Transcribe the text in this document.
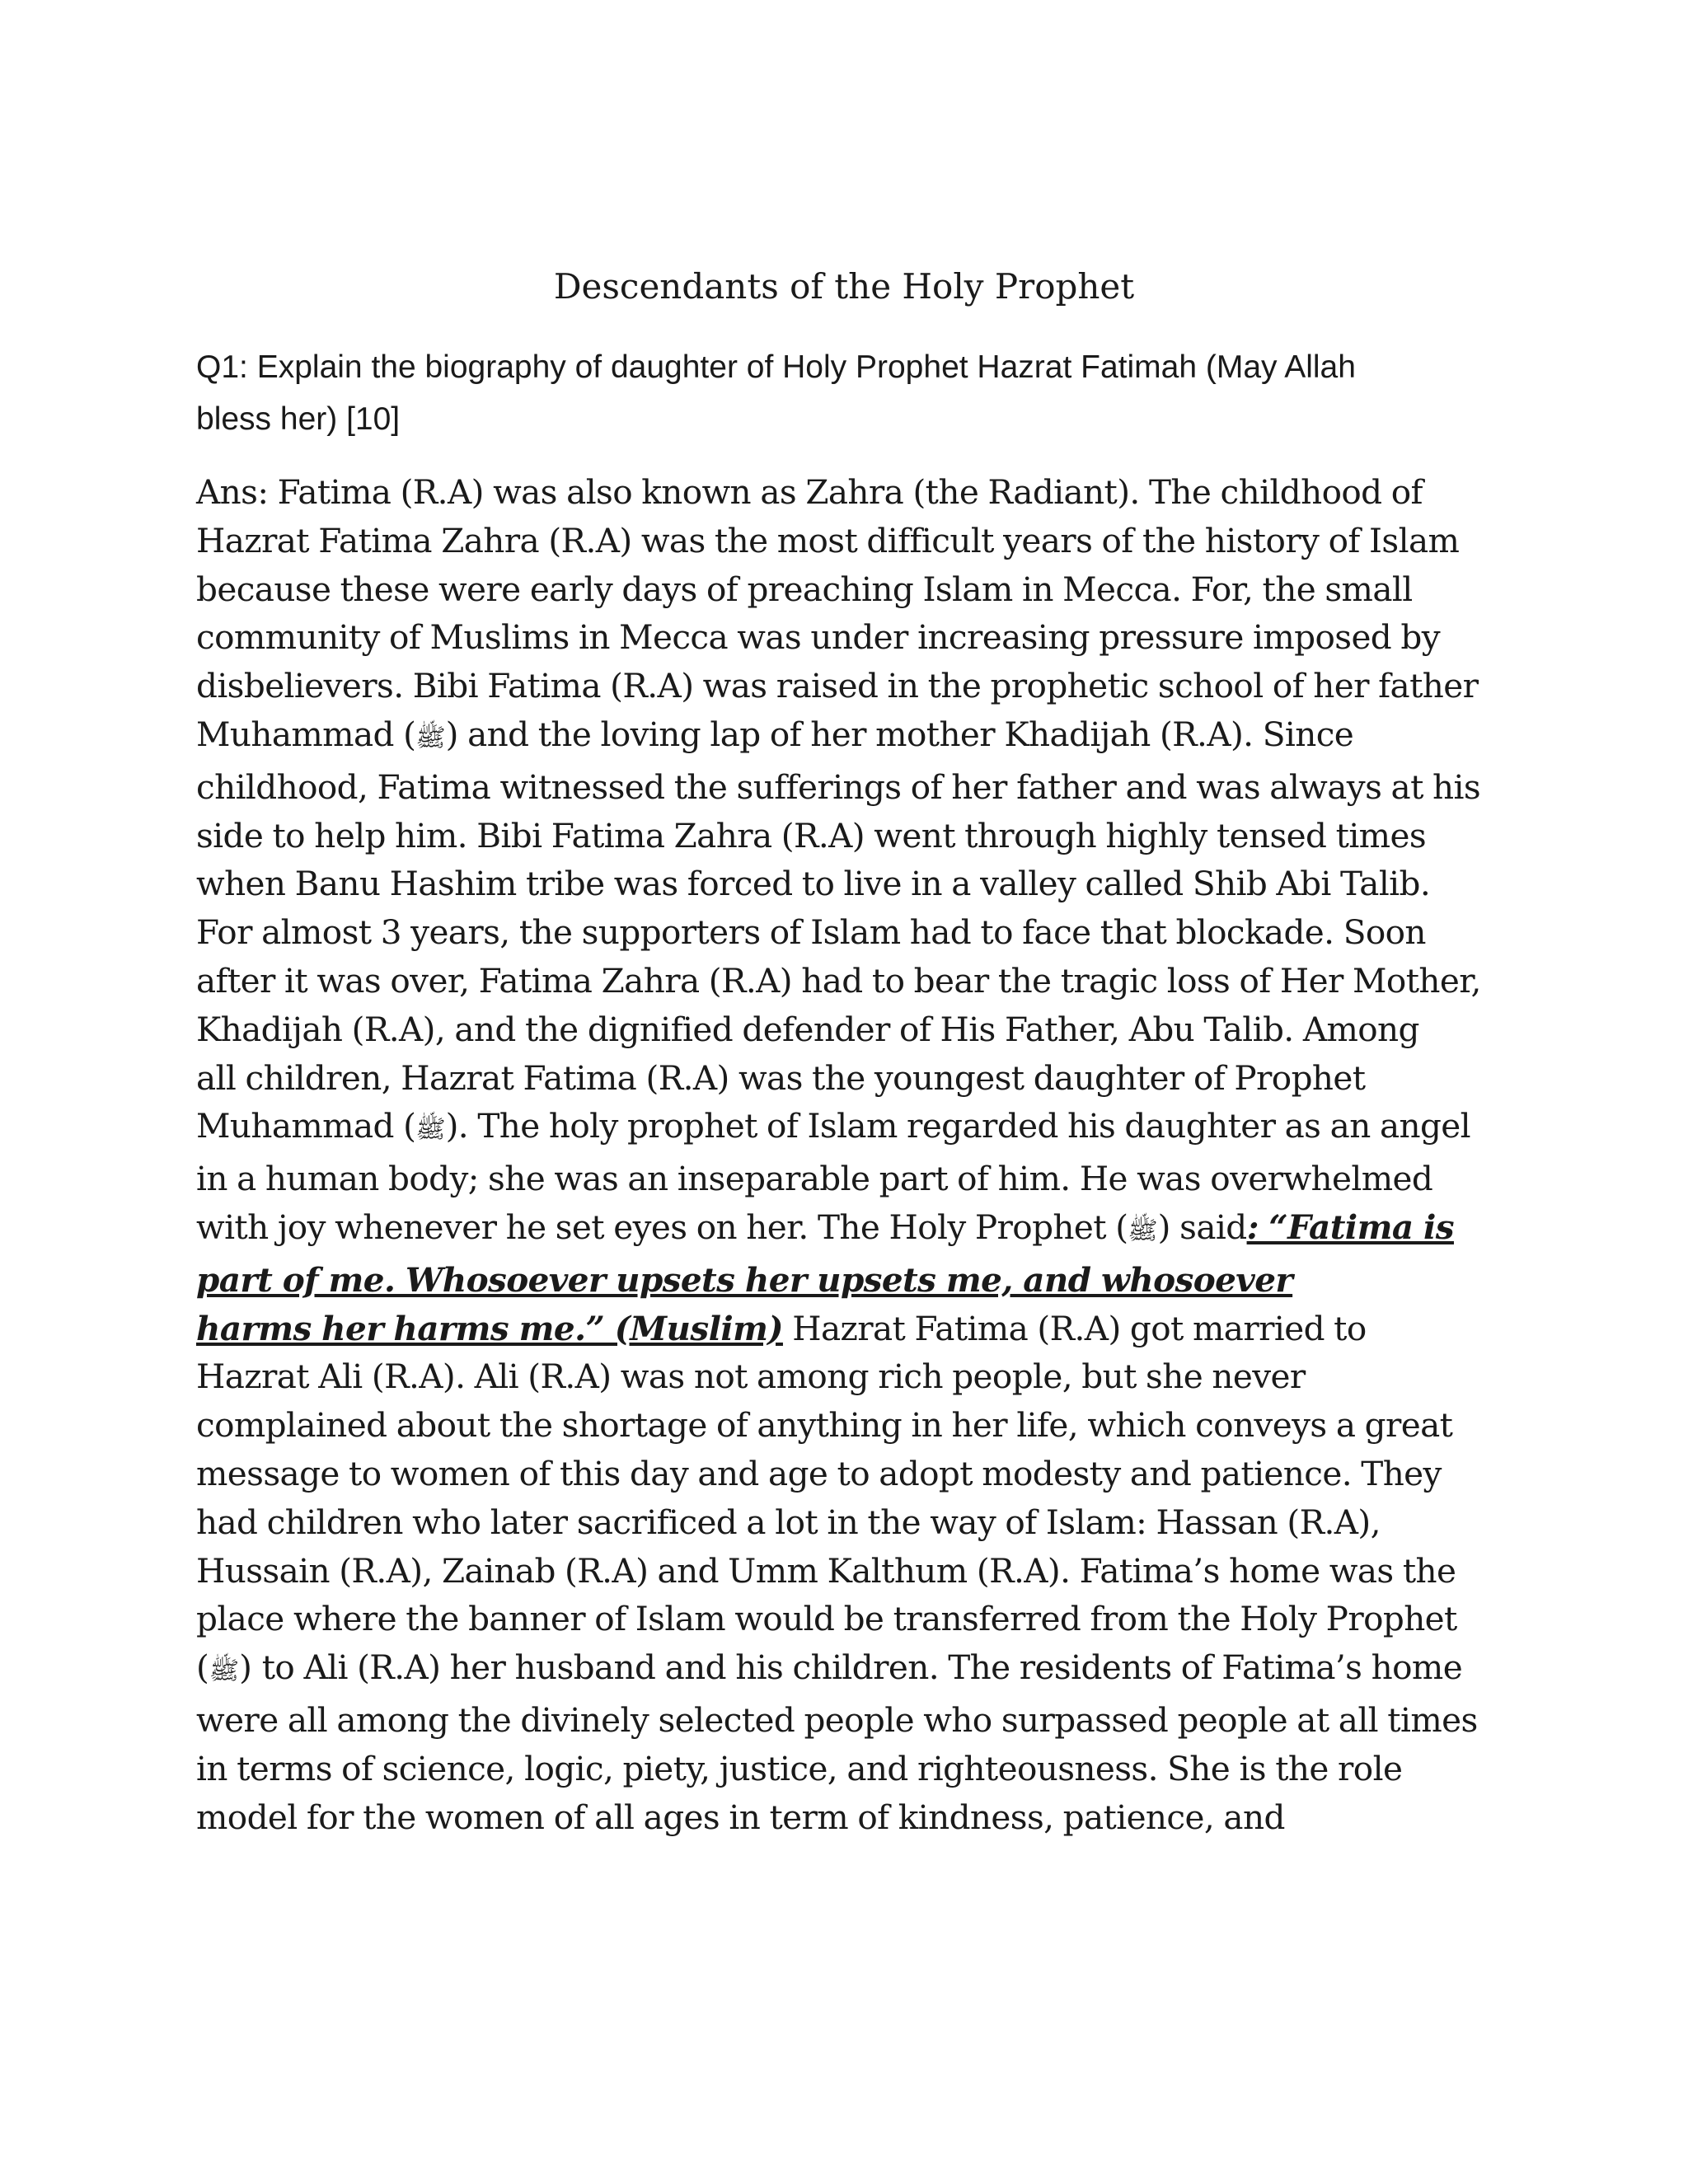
Descendants of the Holy Prophet
Q1: Explain the biography of daughter of Holy Prophet Hazrat Fatimah (May Allah
bless her) [10]
Ans: Fatima (R.A) was also known as Zahra (the Radiant). The childhood of
Hazrat Fatima Zahra (R.A) was the most difficult years of the history of Islam
because these were early days of preaching Islam in Mecca. For, the small
community of Muslims in Mecca was under increasing pressure imposed by
disbelievers. Bibi Fatima (R.A) was raised in the prophetic school of her father
Muhammad (ﷺ) and the loving lap of her mother Khadijah (R.A). Since
childhood, Fatima witnessed the sufferings of her father and was always at his
side to help him. Bibi Fatima Zahra (R.A) went through highly tensed times
when Banu Hashim tribe was forced to live in a valley called Shib Abi Talib.
For almost 3 years, the supporters of Islam had to face that blockade. Soon
after it was over, Fatima Zahra (R.A) had to bear the tragic loss of Her Mother,
Khadijah (R.A), and the dignified defender of His Father, Abu Talib. Among
all children, Hazrat Fatima (R.A) was the youngest daughter of Prophet
Muhammad (ﷺ). The holy prophet of Islam regarded his daughter as an angel
in a human body; she was an inseparable part of him. He was overwhelmed
with joy whenever he set eyes on her. The Holy Prophet (ﷺ) said: “Fatima is
part of me. Whosoever upsets her upsets me, and whosoever
harms her harms me.” (Muslim) Hazrat Fatima (R.A) got married to
Hazrat Ali (R.A). Ali (R.A) was not among rich people, but she never
complained about the shortage of anything in her life, which conveys a great
message to women of this day and age to adopt modesty and patience. They
had children who later sacrificed a lot in the way of Islam: Hassan (R.A),
Hussain (R.A), Zainab (R.A) and Umm Kalthum (R.A). Fatima’s home was the
place where the banner of Islam would be transferred from the Holy Prophet
(ﷺ) to Ali (R.A) her husband and his children. The residents of Fatima’s home
were all among the divinely selected people who surpassed people at all times
in terms of science, logic, piety, justice, and righteousness. She is the role
model for the women of all ages in term of kindness, patience, and
